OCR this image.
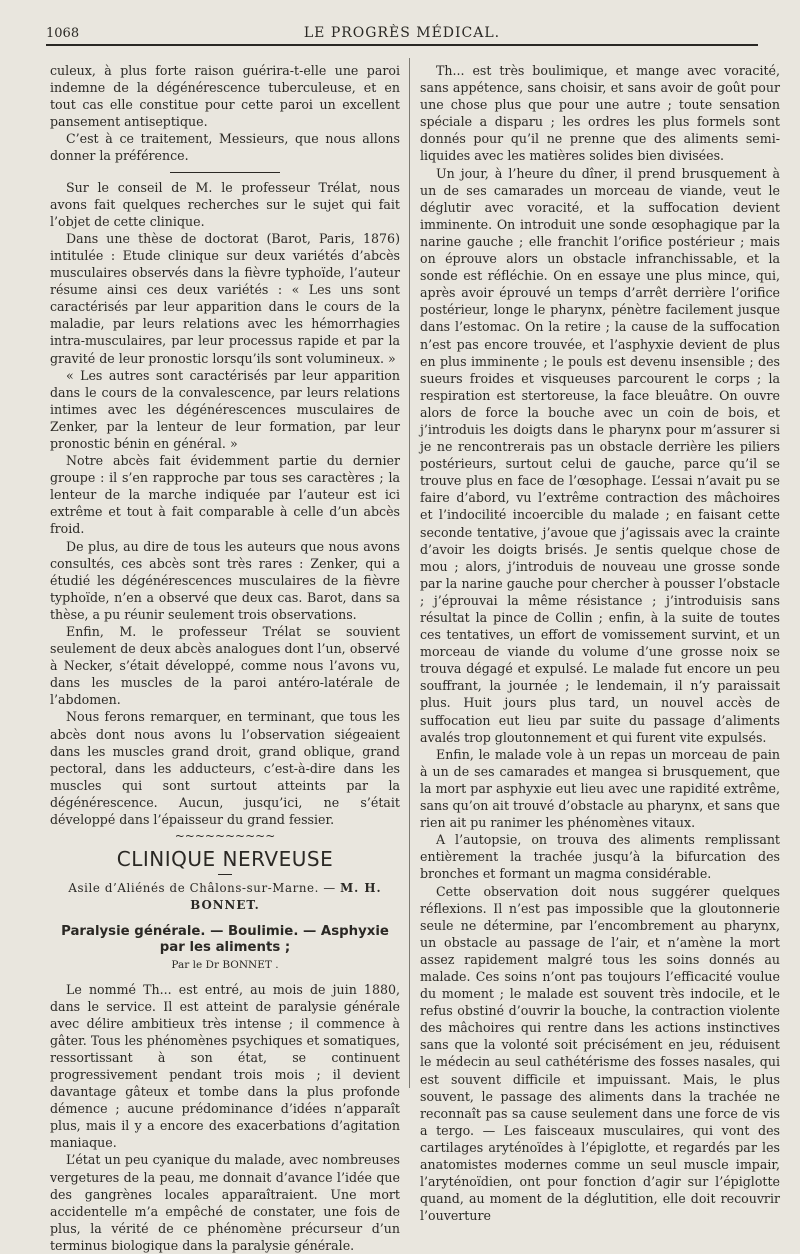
1068	LE PROGRÈS MÉDICAL.

culeux, à plus forte raison guérira-t-elle une paroi indemne de la dégénérescence tuberculeuse, et en tout cas elle constitue pour cette paroi un excellent pansement antiseptique.

C’est à ce traitement, Messieurs, que nous allons donner la préférence.

Sur le conseil de M. le professeur Trélat, nous avons fait quelques recherches sur le sujet qui fait l’objet de cette clinique.

Dans une thèse de doctorat (Barot, Paris, 1876) intitulée : Etude clinique sur deux variétés d’abcès musculaires observés dans la fièvre typhoïde, l’auteur résume ainsi ces deux variétés : « Les uns sont caractérisés par leur apparition dans le cours de la maladie, par leurs relations avec les hémorrhagies intra-musculaires, par leur processus rapide et par la gravité de leur pronostic lorsqu’ils sont volumineux. »

« Les autres sont caractérisés par leur apparition dans le cours de la convalescence, par leurs relations intimes avec les dégénérescences musculaires de Zenker, par la lenteur de leur formation, par leur pronostic bénin en général. »

Notre abcès fait évidemment partie du dernier groupe : il s’en rapproche par tous ses caractères ; la lenteur de la marche indiquée par l’auteur est ici extrême et tout à fait comparable à celle d’un abcès froid.

De plus, au dire de tous les auteurs que nous avons consultés, ces abcès sont très rares : Zenker, qui a étudié les dégénérescences musculaires de la fièvre typhoïde, n’en a observé que deux cas. Barot, dans sa thèse, a pu réunir seulement trois observations.

Enfin, M. le professeur Trélat se souvient seulement de deux abcès analogues dont l’un, observé à Necker, s’était développé, comme nous l’avons vu, dans les muscles de la paroi antéro-latérale de l’abdomen.

Nous ferons remarquer, en terminant, que tous les abcès dont nous avons lu l’observation siégeaient dans les muscles grand droit, grand oblique, grand pectoral, dans les adducteurs, c’est-à-dire dans les muscles qui sont surtout atteints par la dégénérescence. Aucun, jusqu’ici, ne s’était développé dans l’épaisseur du grand fessier.

~~~~~~~~~~
CLINIQUE NERVEUSE
Asile d’Aliénés de Châlons-sur-Marne. — M. H. BONNET.
Paralysie générale. — Boulimie. — Asphyxie par les aliments ;
Par le Dr BONNET .

Le nommé Th... est entré, au mois de juin 1880, dans le service. Il est atteint de paralysie générale avec délire ambitieux très intense ; il commence à gâter. Tous les phénomènes psychiques et somatiques, ressortissant à son état, se continuent progressivement pendant trois mois ; il devient davantage gâteux et tombe dans la plus profonde démence ; aucune prédominance d’idées n’apparaît plus, mais il y a encore des exacerbations d’agitation maniaque.

L’état un peu cyanique du malade, avec nombreuses vergetures de la peau, me donnait d’avance l’idée que des gangrènes locales apparaîtraient. Une mort accidentelle m’a empêché de constater, une fois de plus, la vérité de ce phénomène précurseur d’un terminus biologique dans la paralysie générale.

Th... est très boulimique, et mange avec voracité, sans appétence, sans choisir, et sans avoir de goût pour une chose plus que pour une autre ; toute sensation spéciale a disparu ; les ordres les plus formels sont donnés pour qu’il ne prenne que des aliments semi-liquides avec les matières solides bien divisées.

Un jour, à l’heure du dîner, il prend brusquement à un de ses camarades un morceau de viande, veut le déglutir avec voracité, et la suffocation devient imminente. On introduit une sonde œsophagique par la narine gauche ; elle franchit l’orifice postérieur ; mais on éprouve alors un obstacle infranchissable, et la sonde est réfléchie. On en essaye une plus mince, qui, après avoir éprouvé un temps d’arrêt derrière l’orifice postérieur, longe le pharynx, pénètre facilement jusque dans l’estomac. On la retire ; la cause de la suffocation n’est pas encore trouvée, et l’asphyxie devient de plus en plus imminente ; le pouls est devenu insensible ; des sueurs froides et visqueuses parcourent le corps ; la respiration est stertoreuse, la face bleuâtre. On ouvre alors de force la bouche avec un coin de bois, et j’introduis les doigts dans le pharynx pour m’assurer si je ne rencontrerais pas un obstacle derrière les piliers postérieurs, surtout celui de gauche, parce qu’il se trouve plus en face de l’œsophage. L’essai n’avait pu se faire d’abord, vu l’extrême contraction des mâchoires et l’indocilité incoercible du malade ; en faisant cette seconde tentative, j’avoue que j’agissais avec la crainte d’avoir les doigts brisés. Je sentis quelque chose de mou ; alors, j’introduis de nouveau une grosse sonde par la narine gauche pour chercher à pousser l’obstacle ; j’éprouvai la même résistance ; j’introduisis sans résultat la pince de Collin ; enfin, à la suite de toutes ces tentatives, un effort de vomissement survint, et un morceau de viande du volume d’une grosse noix se trouva dégagé et expulsé. Le malade fut encore un peu souffrant, la journée ; le lendemain, il n’y paraissait plus. Huit jours plus tard, un nouvel accès de suffocation eut lieu par suite du passage d’aliments avalés trop gloutonnement et qui furent vite expulsés.

Enfin, le malade vole à un repas un morceau de pain à un de ses camarades et mangea si brusquement, que la mort par asphyxie eut lieu avec une rapidité extrême, sans qu’on ait trouvé d’obstacle au pharynx, et sans que rien ait pu ranimer les phénomènes vitaux.

A l’autopsie, on trouva des aliments remplissant entièrement la trachée jusqu’à la bifurcation des bronches et formant un magma considérable.

Cette observation doit nous suggérer quelques réflexions. Il n’est pas impossible que la gloutonnerie seule ne détermine, par l’encombrement au pharynx, un obstacle au passage de l’air, et n’amène la mort assez rapidement malgré tous les soins donnés au malade. Ces soins n’ont pas toujours l’efficacité voulue du moment ; le malade est souvent très indocile, et le refus obstiné d’ouvrir la bouche, la contraction violente des mâchoires qui rentre dans les actions instinctives sans que la volonté soit précisément en jeu, réduisent le médecin au seul cathétérisme des fosses nasales, qui est souvent difficile et impuissant. Mais, le plus souvent, le passage des aliments dans la trachée ne reconnaît pas sa cause seulement dans une force de vis a tergo. — Les faisceaux musculaires, qui vont des cartilages aryténoïdes à l’épiglotte, et regardés par les anatomistes modernes comme un seul muscle impair, l’aryténoïdien, ont pour fonction d’agir sur l’épiglotte quand, au moment de la déglutition, elle doit recouvrir l’ouverture
